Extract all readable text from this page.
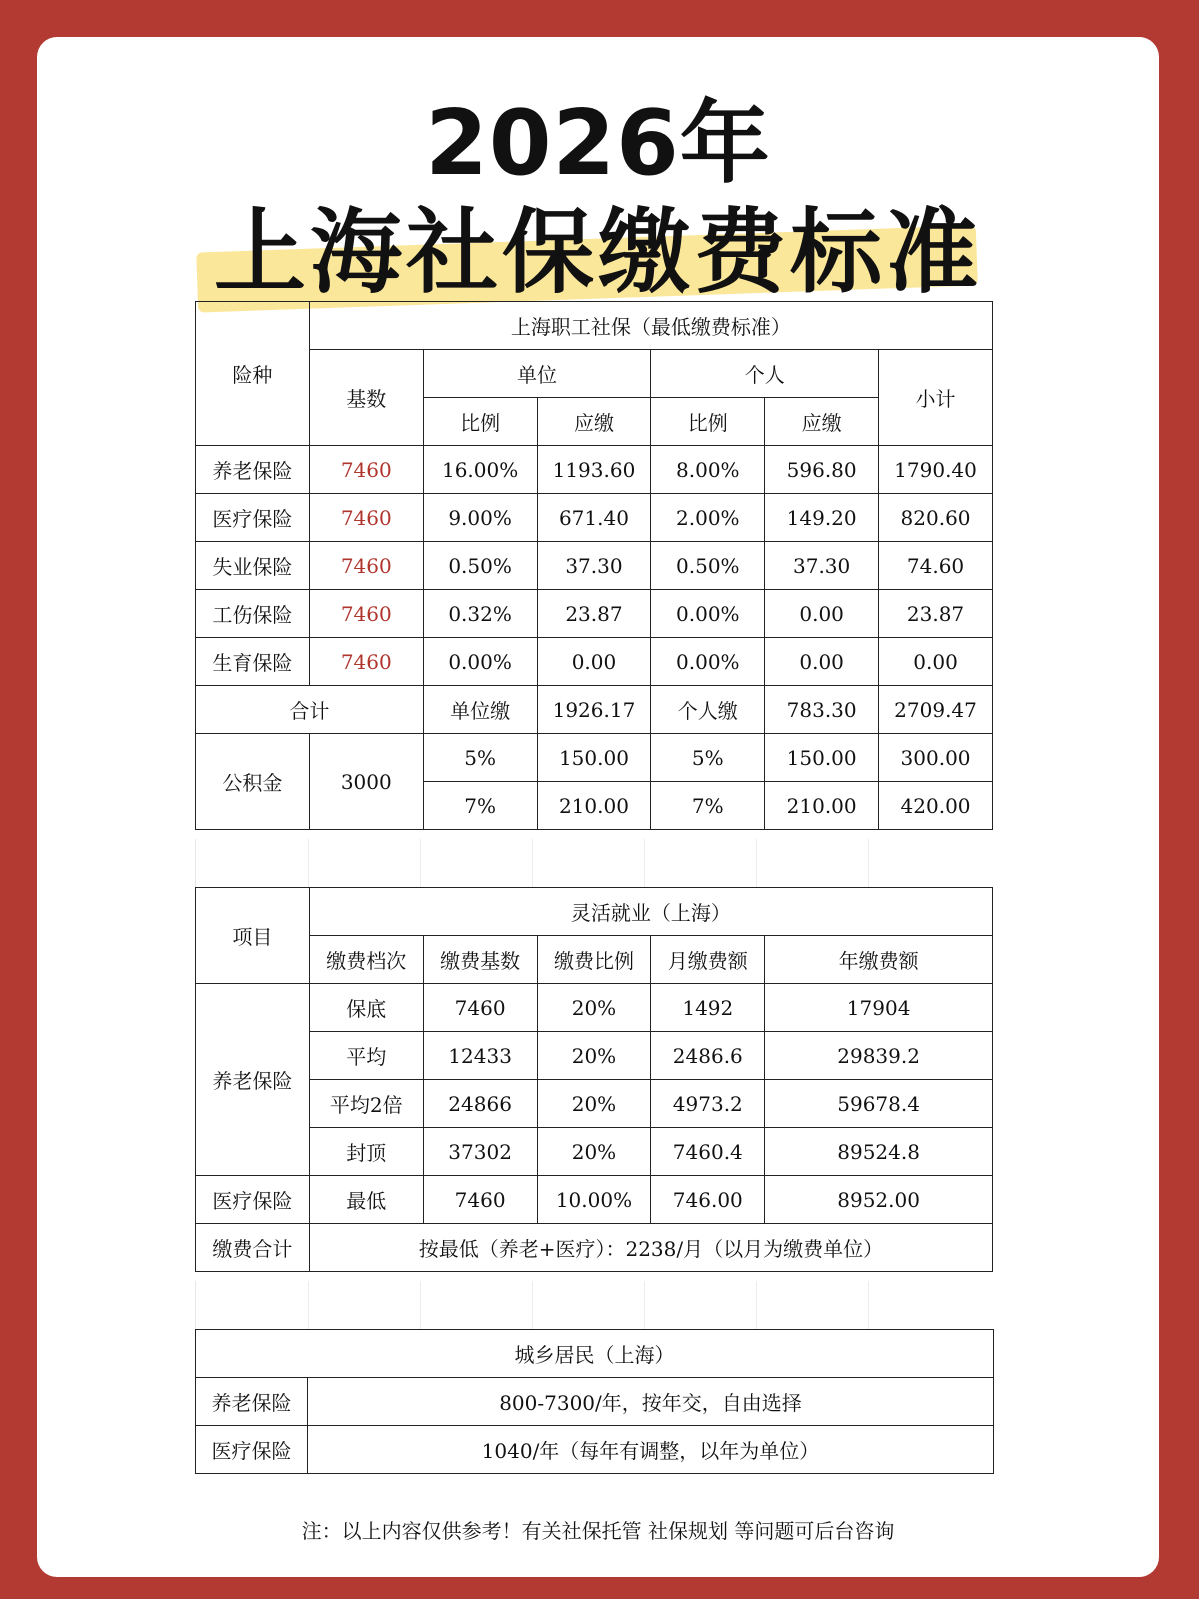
2026年
上海社保缴费标准
险种	上海职工社保（最低缴费标准）					
	基数	单位		个人		小计
		比例	应缴	比例	应缴	
养老保险	7460	16.00%	1193.60	8.00%	596.80	1790.40
医疗保险	7460	9.00%	671.40	2.00%	149.20	820.60
失业保险	7460	0.50%	37.30	0.50%	37.30	74.60
工伤保险	7460	0.32%	23.87	0.00%	0.00	23.87
生育保险	7460	0.00%	0.00	0.00%	0.00	0.00
合计		单位缴	1926.17	个人缴	783.30	2709.47
公积金	3000	5%	150.00	5%	150.00	300.00
		7%	210.00	7%	210.00	420.00
项目	灵活就业（上海）				
	缴费档次	缴费基数	缴费比例	月缴费额	年缴费额
养老保险	保底	7460	20%	1492	17904
	平均	12433	20%	2486.6	29839.2
	平均2倍	24866	20%	4973.2	59678.4
	封顶	37302	20%	7460.4	89524.8
医疗保险	最低	7460	10.00%	746.00	8952.00
缴费合计	按最低（养老+医疗）：2238/月（以月为缴费单位）				
城乡居民（上海）	
养老保险	800-7300/年，按年交，自由选择
医疗保险	1040/年（每年有调整，以年为单位）
注：以上内容仅供参考！有关社保托管 社保规划 等问题可后台咨询
